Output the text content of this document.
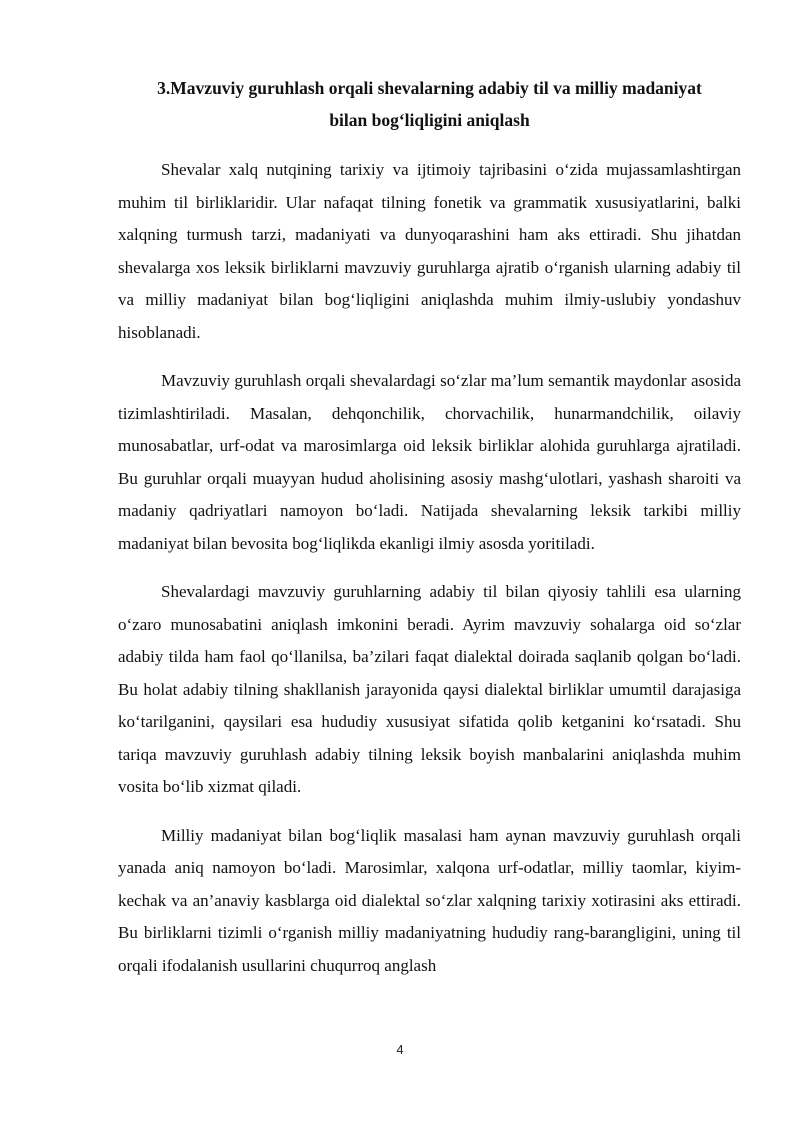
3.Mavzuviy guruhlash orqali shevalarning adabiy til va milliy madaniyat
bilan bog‘liqligini aniqlash

Shevalar xalq nutqining tarixiy va ijtimoiy tajribasini o‘zida mujassamlashtirgan muhim til birliklaridir. Ular nafaqat tilning fonetik va grammatik xususiyatlarini, balki xalqning turmush tarzi, madaniyati va dunyoqarashini ham aks ettiradi. Shu jihatdan shevalarga xos leksik birliklarni mavzuviy guruhlarga ajratib o‘rganish ularning adabiy til va milliy madaniyat bilan bog‘liqligini aniqlashda muhim ilmiy-uslubiy yondashuv hisoblanadi.

Mavzuviy guruhlash orqali shevalardagi so‘zlar ma’lum semantik maydonlar asosida tizimlashtiriladi. Masalan, dehqonchilik, chorvachilik, hunarmandchilik, oilaviy munosabatlar, urf-odat va marosimlarga oid leksik birliklar alohida guruhlarga ajratiladi. Bu guruhlar orqali muayyan hudud aholisining asosiy mashg‘ulotlari, yashash sharoiti va madaniy qadriyatlari namoyon bo‘ladi. Natijada shevalarning leksik tarkibi milliy madaniyat bilan bevosita bog‘liqlikda ekanligi ilmiy asosda yoritiladi.

Shevalardagi mavzuviy guruhlarning adabiy til bilan qiyosiy tahlili esa ularning o‘zaro munosabatini aniqlash imkonini beradi. Ayrim mavzuviy sohalarga oid so‘zlar adabiy tilda ham faol qo‘llanilsa, ba’zilari faqat dialektal doirada saqlanib qolgan bo‘ladi. Bu holat adabiy tilning shakllanish jarayonida qaysi dialektal birliklar umumtil darajasiga ko‘tarilganini, qaysilari esa hududiy xususiyat sifatida qolib ketganini ko‘rsatadi. Shu tariqa mavzuviy guruhlash adabiy tilning leksik boyish manbalarini aniqlashda muhim vosita bo‘lib xizmat qiladi.

Milliy madaniyat bilan bog‘liqlik masalasi ham aynan mavzuviy guruhlash orqali yanada aniq namoyon bo‘ladi. Marosimlar, xalqona urf-odatlar, milliy taomlar, kiyim-kechak va an’anaviy kasblarga oid dialektal so‘zlar xalqning tarixiy xotirasini aks ettiradi. Bu birliklarni tizimli o‘rganish milliy madaniyatning hududiy rang-barangligini, uning til orqali ifodalanish usullarini chuqurroq anglash

4
